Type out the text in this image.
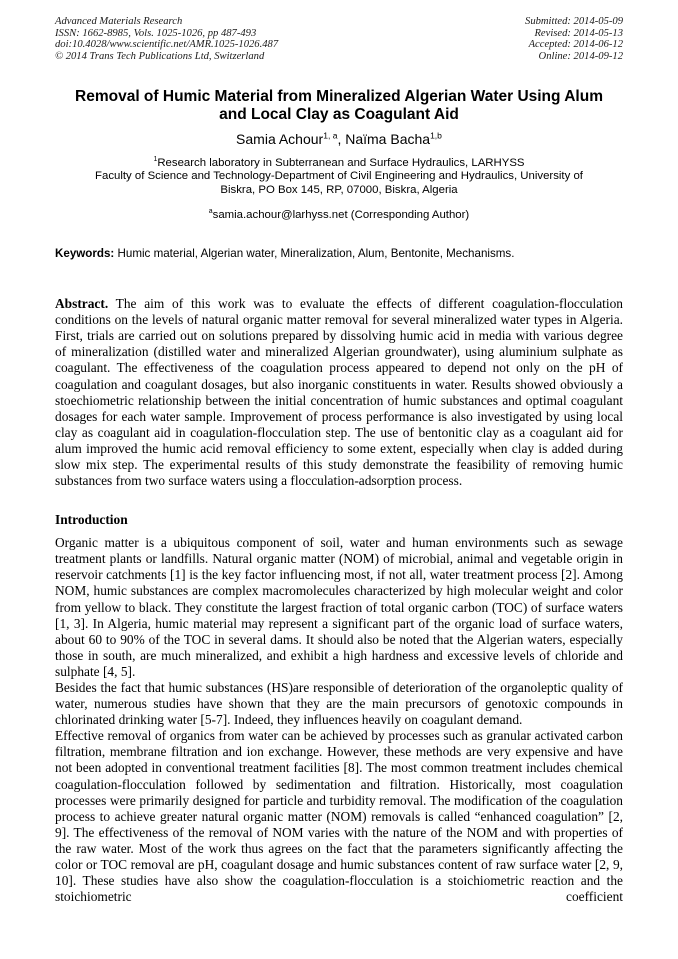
Advanced Materials Research
ISSN: 1662-8985, Vols. 1025-1026, pp 487-493
doi:10.4028/www.scientific.net/AMR.1025-1026.487
© 2014 Trans Tech Publications Ltd, Switzerland
Submitted: 2014-05-09
Revised: 2014-05-13
Accepted: 2014-06-12
Online: 2014-09-12
Removal of Humic Material from Mineralized Algerian Water Using Alum
and Local Clay as Coagulant Aid
Samia Achour$^{1, a}$, Naïma Bacha$^{1,b}$
$^1$Research laboratory in Subterranean and Surface Hydraulics, LARHYSS
Faculty of Science and Technology-Department of Civil Engineering and Hydraulics, University of
Biskra, PO Box 145, RP, 07000, Biskra, Algeria
$^a$samia.achour@larhyss.net (Corresponding Author)
Keywords: Humic material, Algerian water, Mineralization, Alum, Bentonite, Mechanisms.
Abstract. The aim of this work was to evaluate the effects of different coagulation-flocculation conditions on the levels of natural organic matter removal for several mineralized water types in Algeria. First, trials are carried out on solutions prepared by dissolving humic acid in media with various degree of mineralization (distilled water and mineralized Algerian groundwater), using aluminium sulphate as coagulant. The effectiveness of the coagulation process appeared to depend not only on the pH of coagulation and coagulant dosages, but also inorganic constituents in water. Results showed obviously a stoechiometric relationship between the initial concentration of humic substances and optimal coagulant dosages for each water sample. Improvement of process performance is also investigated by using local clay as coagulant aid in coagulation-flocculation step. The use of bentonitic clay as a coagulant aid for alum improved the humic acid removal efficiency to some extent, especially when clay is added during slow mix step. The experimental results of this study demonstrate the feasibility of removing humic substances from two surface waters using a flocculation-adsorption process.
Introduction

Organic matter is a ubiquitous component of soil, water and human environments such as sewage treatment plants or landfills. Natural organic matter (NOM) of microbial, animal and vegetable origin in reservoir catchments [1] is the key factor influencing most, if not all, water treatment process [2]. Among NOM, humic substances are complex macromolecules characterized by high molecular weight and color from yellow to black. They constitute the largest fraction of total organic carbon (TOC) of surface waters [1, 3]. In Algeria, humic material may represent a significant part of the organic load of surface waters, about 60 to 90% of the TOC in several dams. It should also be noted that the Algerian waters, especially those in south, are much mineralized, and exhibit a high hardness and excessive levels of chloride and sulphate [4, 5].

Besides the fact that humic substances (HS)are responsible of deterioration of the organoleptic quality of water, numerous studies have shown that they are the main precursors of genotoxic compounds in chlorinated drinking water [5-7]. Indeed, they influences heavily on coagulant demand.

Effective removal of organics from water can be achieved by processes such as granular activated carbon filtration, membrane filtration and ion exchange. However, these methods are very expensive and have not been adopted in conventional treatment facilities [8]. The most common treatment includes chemical coagulation-flocculation followed by sedimentation and filtration. Historically, most coagulation processes were primarily designed for particle and turbidity removal. The modification of the coagulation process to achieve greater natural organic matter (NOM) removals is called “enhanced coagulation” [2, 9]. The effectiveness of the removal of NOM varies with the nature of the NOM and with properties of the raw water. Most of the work thus agrees on the fact that the parameters significantly affecting the color or TOC removal are pH, coagulant dosage and humic substances content of raw surface water [2, 9, 10]. These studies have also show the coagulation-flocculation is a stoichiometric reaction and the stoichiometric coefficient
